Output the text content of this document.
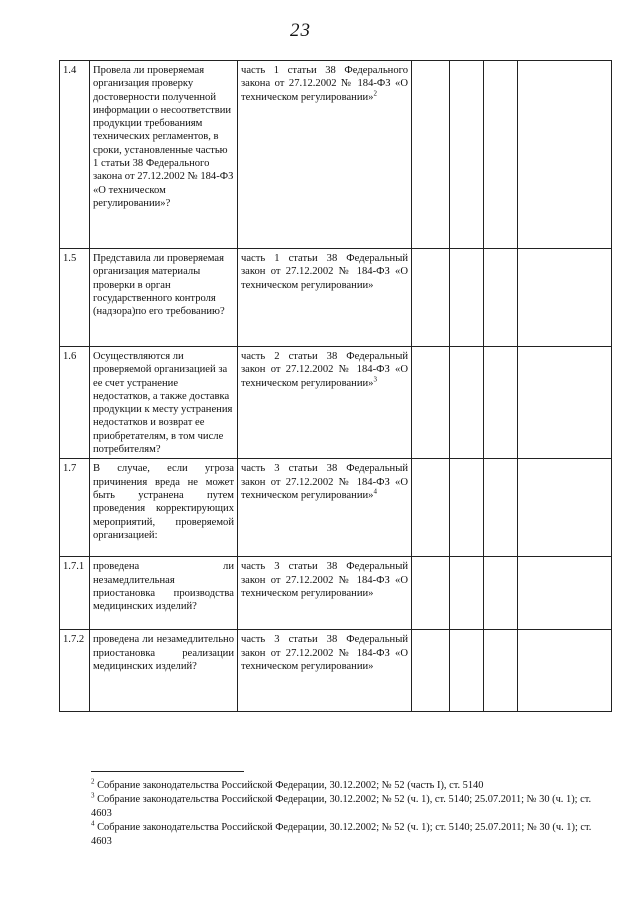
23
1.4	Провела ли проверяемая организация проверку достоверности полученной информации о несоответствии продукции требованиям технических регламентов, в сроки, установленные частью 1 статьи 38 Федерального закона от 27.12.2002 № 184-ФЗ «О техническом регулировании»?	часть 1 статьи 38 Федерального закона от 27.12.2002 № 184-ФЗ «О техническом регулировании»$^2$				
1.5	Представила ли проверяемая организация материалы проверки в орган государственного контроля (надзора)по его требованию?	часть 1 статьи 38 Федеральный закон от 27.12.2002 № 184-ФЗ «О техническом регулировании»				
1.6	Осуществляются ли проверяемой организацией за ее счет устранение недостатков, а также доставка продукции к месту устранения недостатков и возврат ее приобретателям, в том числе потребителям?	часть 2 статьи 38 Федеральный закон от 27.12.2002 № 184-ФЗ «О техническом регулировании»$^3$				
1.7	В случае, если угроза причинения вреда не может быть устранена путем проведения корректирующих мероприятий, проверяемой организацией:	часть 3 статьи 38 Федеральный закон от 27.12.2002 № 184-ФЗ «О техническом регулировании»$^4$				
1.7.1	проведена ли незамедлительная приостановка производства медицинских изделий?	часть 3 статьи 38 Федеральный закон от 27.12.2002 № 184-ФЗ «О техническом регулировании»				
1.7.2	проведена ли незамедлительно приостановка реализации медицинских изделий?	часть 3 статьи 38 Федеральный закон от 27.12.2002 № 184-ФЗ «О техническом регулировании»				

$^2$ Собрание законодательства Российской Федерации, 30.12.2002; № 52 (часть I), ст. 5140

$^3$ Собрание законодательства Российской Федерации, 30.12.2002; № 52 (ч. 1), ст. 5140; 25.07.2011; № 30 (ч. 1); ст. 4603

$^4$ Собрание законодательства Российской Федерации, 30.12.2002; № 52 (ч. 1); ст. 5140; 25.07.2011; № 30 (ч. 1); ст. 4603
